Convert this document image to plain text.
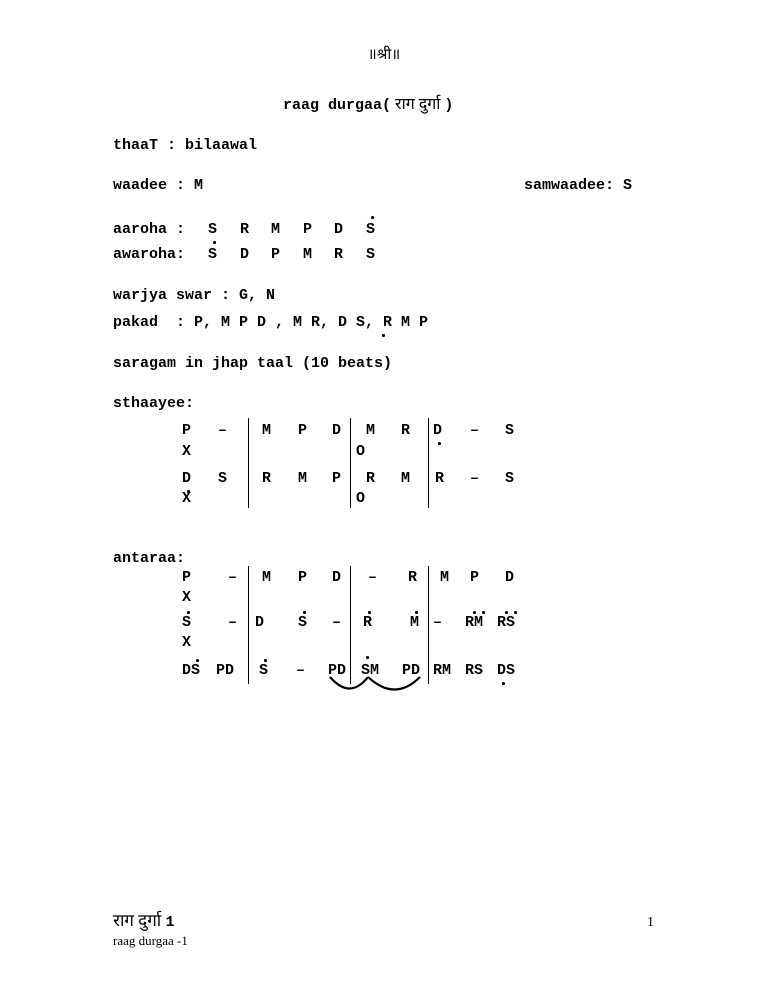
॥श्री॥
raag durgaa( राग दुर्गा )
thaaT : bilaawal
waadee : M	samwaadee: S
aaroha : S R M P D S
awaroha: S D P M R S
warjya swar : G, N
pakad  : P, M P D , M R, D S, R M P
saragam in jhap taal (10 beats)
sthaayee:
P – M P D M R D – S
X	O
D S R M P R M R – S
X	O
antaraa:
P – M P D – R M P D
X
S – D S – R	M – RM RS
X
DS PD S – PD SM PD RM RS DS
राग दुर्गा 1
raag durgaa -1
1
